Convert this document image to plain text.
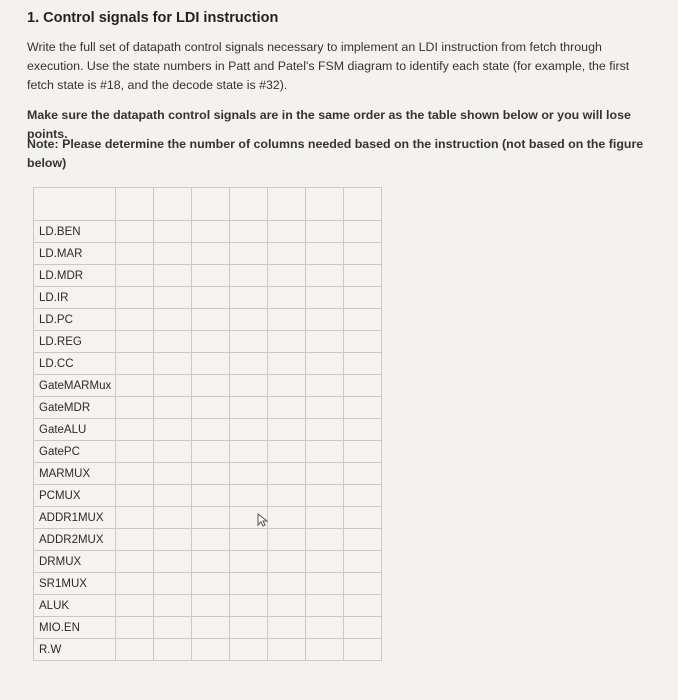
1. Control signals for LDI instruction
Write the full set of datapath control signals necessary to implement an LDI instruction from fetch through execution. Use the state numbers in Patt and Patel's FSM diagram to identify each state (for example, the first fetch state is #18, and the decode state is #32).
Make sure the datapath control signals are in the same order as the table shown below or you will lose points.
Note: Please determine the number of columns needed based on the instruction (not based on the figure below)

LD.BEN							
LD.MAR							
LD.MDR							
LD.IR							
LD.PC							
LD.REG							
LD.CC							
GateMARMux							
GateMDR							
GateALU							
GatePC							
MARMUX							
PCMUX							
ADDR1MUX							
ADDR2MUX							
DRMUX							
SR1MUX							
ALUK							
MIO.EN							
R.W							
